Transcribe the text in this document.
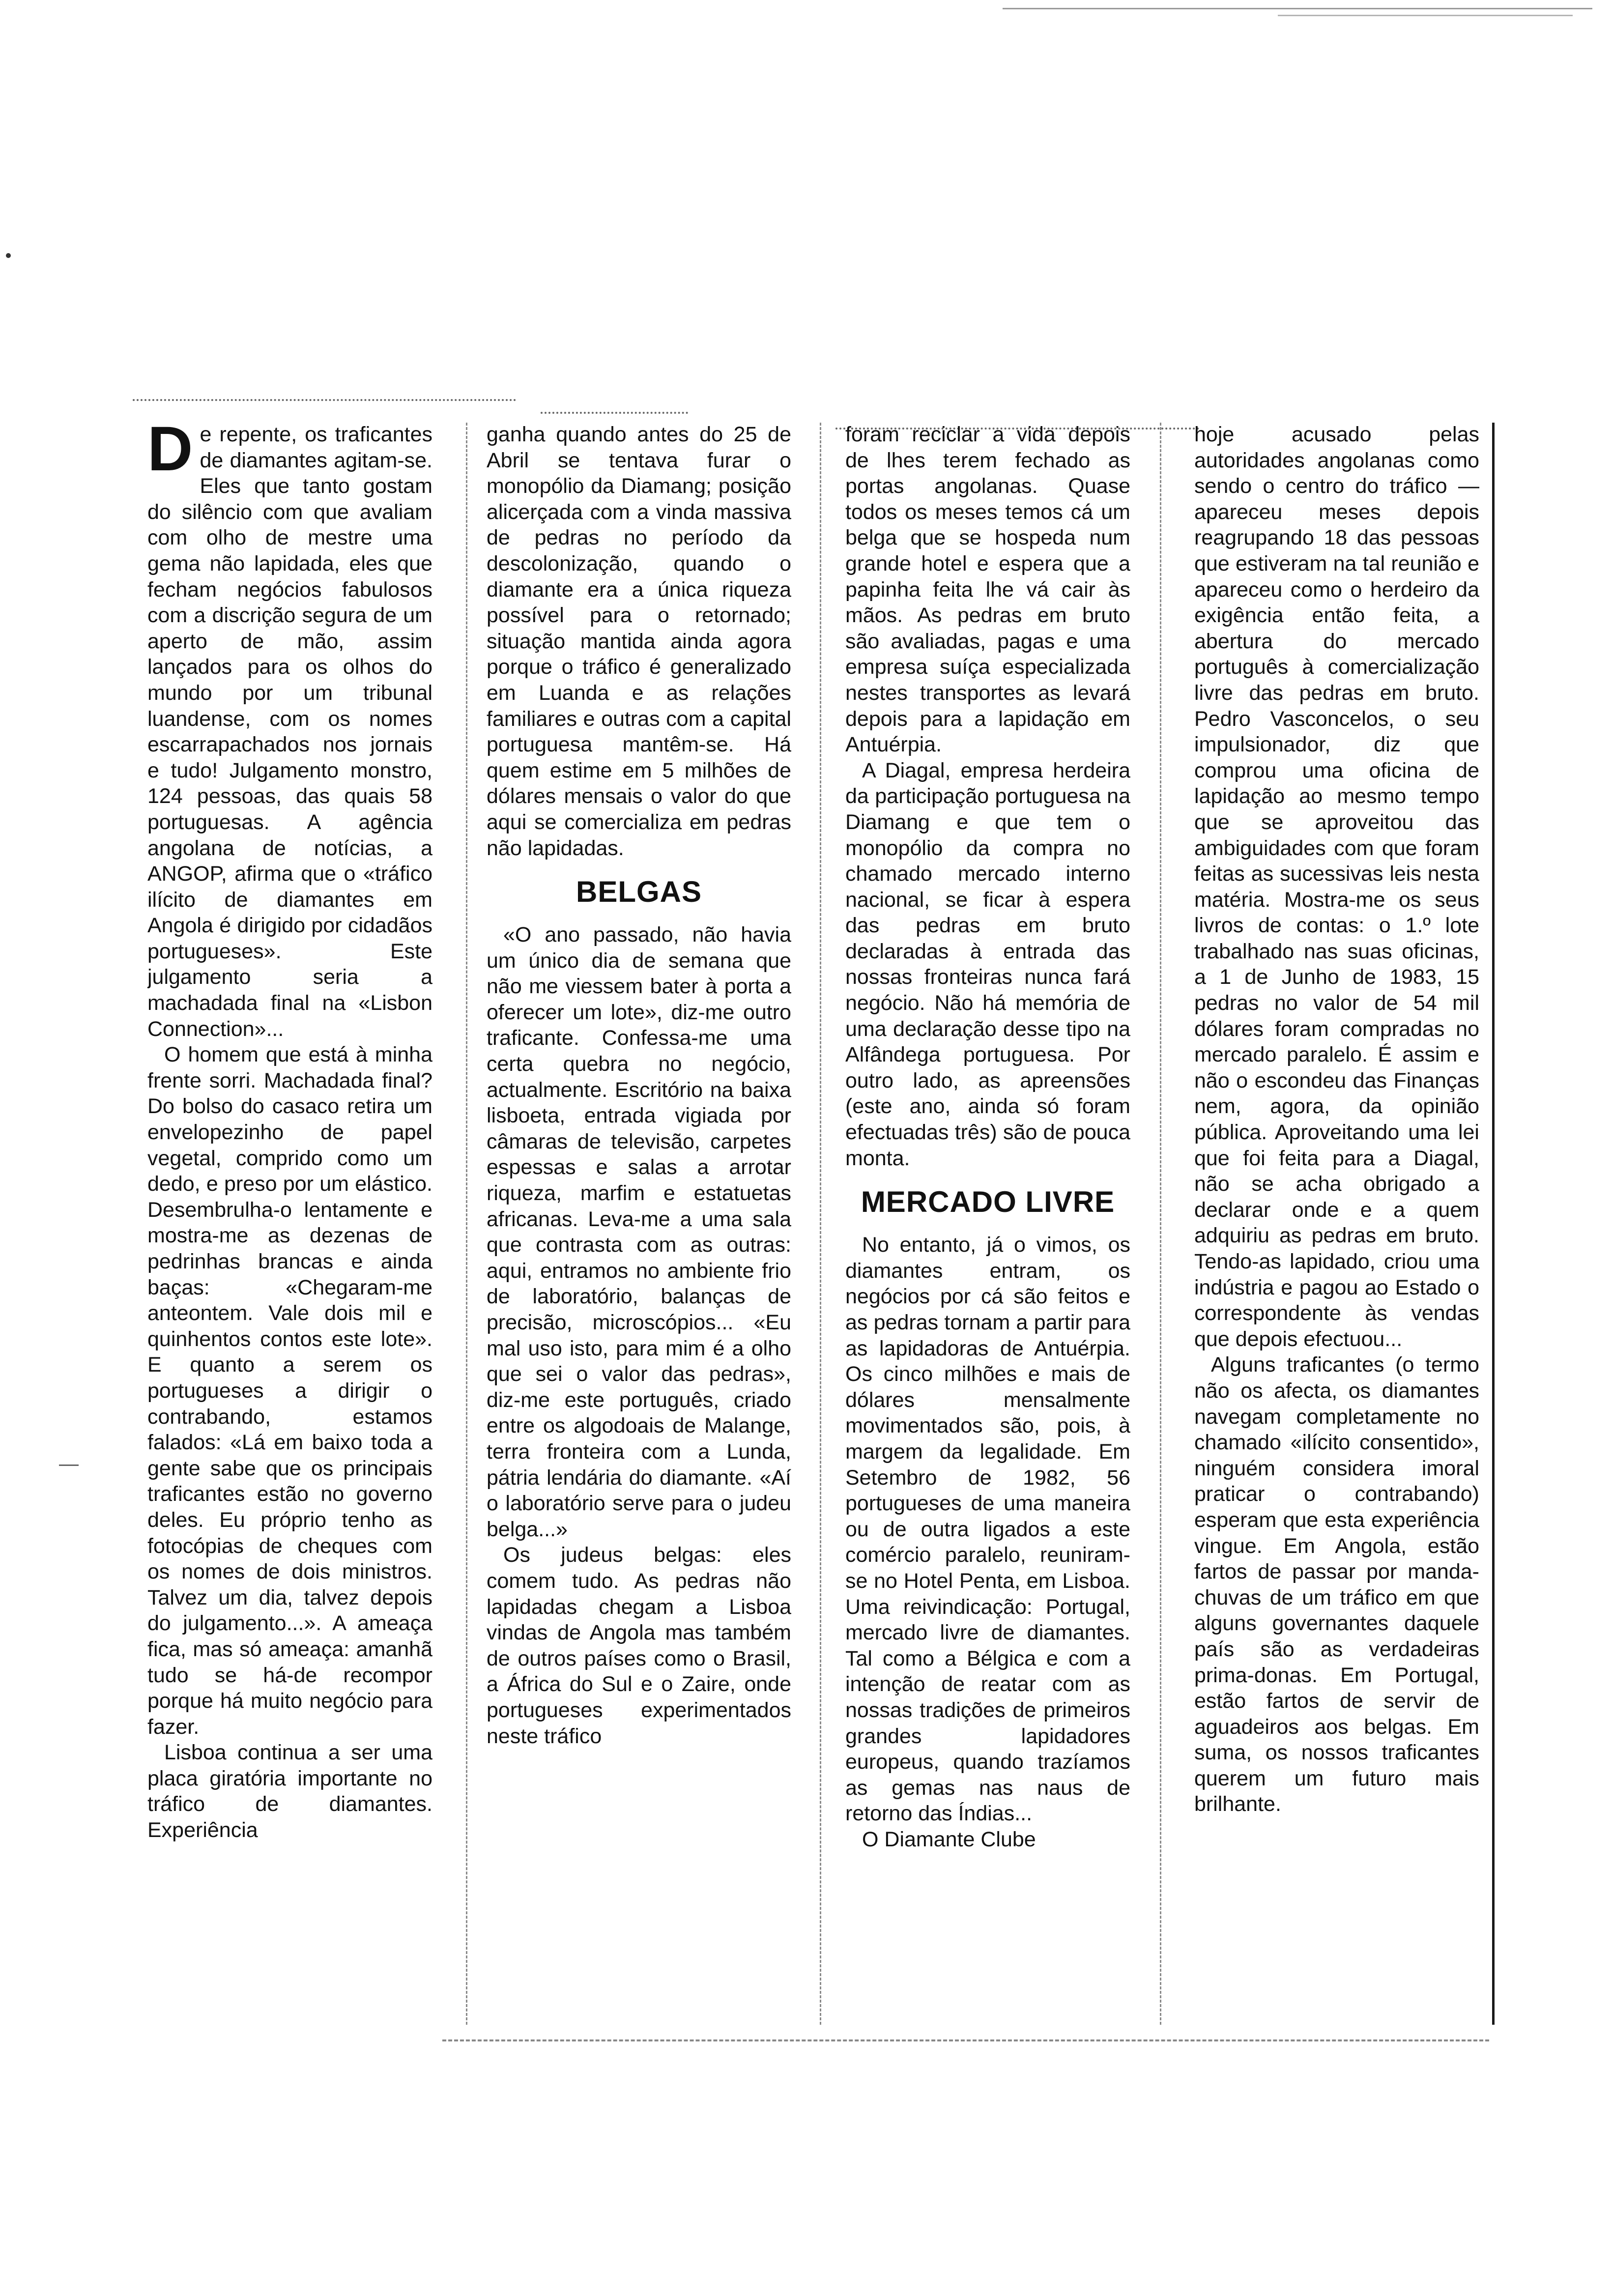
De repente, os traficantes de diamantes agitam-se. Eles que tanto gostam do silêncio com que avaliam com olho de mestre uma gema não lapidada, eles que fecham negócios fabulosos com a discrição segura de um aperto de mão, assim lançados para os olhos do mundo por um tribunal luandense, com os nomes escarrapachados nos jornais e tudo! Julgamento monstro, 124 pessoas, das quais 58 portuguesas. A agência angolana de notícias, a ANGOP, afirma que o «tráfico ilícito de diamantes em Angola é dirigido por cidadãos portugueses». Este julgamento seria a machadada final na «Lisbon Connection»...

O homem que está à minha frente sorri. Machadada final? Do bolso do casaco retira um envelopezinho de papel vegetal, comprido como um dedo, e preso por um elástico. Desembrulha-o lentamente e mostra-me as dezenas de pedrinhas brancas e ainda baças: «Chegaram-me anteontem. Vale dois mil e quinhentos contos este lote». E quanto a serem os portugueses a dirigir o contrabando, estamos falados: «Lá em baixo toda a gente sabe que os principais traficantes estão no governo deles. Eu próprio tenho as fotocópias de cheques com os nomes de dois ministros. Talvez um dia, talvez depois do julgamento...». A ameaça fica, mas só ameaça: amanhã tudo se há-de recompor porque há muito negócio para fazer.

Lisboa continua a ser uma placa giratória importante no tráfico de diamantes. Experiência

ganha quando antes do 25 de Abril se tentava furar o monopólio da Diamang; posição alicerçada com a vinda massiva de pedras no período da descolonização, quando o diamante era a única riqueza possível para o retornado; situação mantida ainda agora porque o tráfico é generalizado em Luanda e as relações familiares e outras com a capital portuguesa mantêm-se. Há quem estime em 5 milhões de dólares mensais o valor do que aqui se comercializa em pedras não lapidadas.

BELGAS

«O ano passado, não havia um único dia de semana que não me viessem bater à porta a oferecer um lote», diz-me outro traficante. Confessa-me uma certa quebra no negócio, actualmente. Escritório na baixa lisboeta, entrada vigiada por câmaras de televisão, carpetes espessas e salas a arrotar riqueza, marfim e estatuetas africanas. Leva-me a uma sala que contrasta com as outras: aqui, entramos no ambiente frio de laboratório, balanças de precisão, microscópios... «Eu mal uso isto, para mim é a olho que sei o valor das pedras», diz-me este português, criado entre os algodoais de Malange, terra fronteira com a Lunda, pátria lendária do diamante. «Aí o laboratório serve para o judeu belga...»

Os judeus belgas: eles comem tudo. As pedras não lapidadas chegam a Lisboa vindas de Angola mas também de outros países como o Brasil, a África do Sul e o Zaire, onde portugueses experimentados neste tráfico

foram reciclar a vida depois de lhes terem fechado as portas angolanas. Quase todos os meses temos cá um belga que se hospeda num grande hotel e espera que a papinha feita lhe vá cair às mãos. As pedras em bruto são avaliadas, pagas e uma empresa suíça especializada nestes transportes as levará depois para a lapidação em Antuérpia.

A Diagal, empresa herdeira da participação portuguesa na Diamang e que tem o monopólio da compra no chamado mercado interno nacional, se ficar à espera das pedras em bruto declaradas à entrada das nossas fronteiras nunca fará negócio. Não há memória de uma declaração desse tipo na Alfândega portuguesa. Por outro lado, as apreensões (este ano, ainda só foram efectuadas três) são de pouca monta.

MERCADO LIVRE

No entanto, já o vimos, os diamantes entram, os negócios por cá são feitos e as pedras tornam a partir para as lapidadoras de Antuérpia. Os cinco milhões e mais de dólares mensalmente movimentados são, pois, à margem da legalidade. Em Setembro de 1982, 56 portugueses de uma maneira ou de outra ligados a este comércio paralelo, reuniram-se no Hotel Penta, em Lisboa. Uma reivindicação: Portugal, mercado livre de diamantes. Tal como a Bélgica e com a intenção de reatar com as nossas tradições de primeiros grandes lapidadores europeus, quando trazíamos as gemas nas naus de retorno das Índias...

O Diamante Clube

hoje acusado pelas autoridades angolanas como sendo o centro do tráfico — apareceu meses depois reagrupando 18 das pessoas que estiveram na tal reunião e apareceu como o herdeiro da exigência então feita, a abertura do mercado português à comercialização livre das pedras em bruto. Pedro Vasconcelos, o seu impulsionador, diz que comprou uma oficina de lapidação ao mesmo tempo que se aproveitou das ambiguidades com que foram feitas as sucessivas leis nesta matéria. Mostra-me os seus livros de contas: o 1.º lote trabalhado nas suas oficinas, a 1 de Junho de 1983, 15 pedras no valor de 54 mil dólares foram compradas no mercado paralelo. É assim e não o escondeu das Finanças nem, agora, da opinião pública. Aproveitando uma lei que foi feita para a Diagal, não se acha obrigado a declarar onde e a quem adquiriu as pedras em bruto. Tendo-as lapidado, criou uma indústria e pagou ao Estado o correspondente às vendas que depois efectuou...

Alguns traficantes (o termo não os afecta, os diamantes navegam completamente no chamado «ilícito consentido», ninguém considera imoral praticar o contrabando) esperam que esta experiência vingue. Em Angola, estão fartos de passar por manda-chuvas de um tráfico em que alguns governantes daquele país são as verdadeiras prima-donas. Em Portugal, estão fartos de servir de aguadeiros aos belgas. Em suma, os nossos traficantes querem um futuro mais brilhante.
